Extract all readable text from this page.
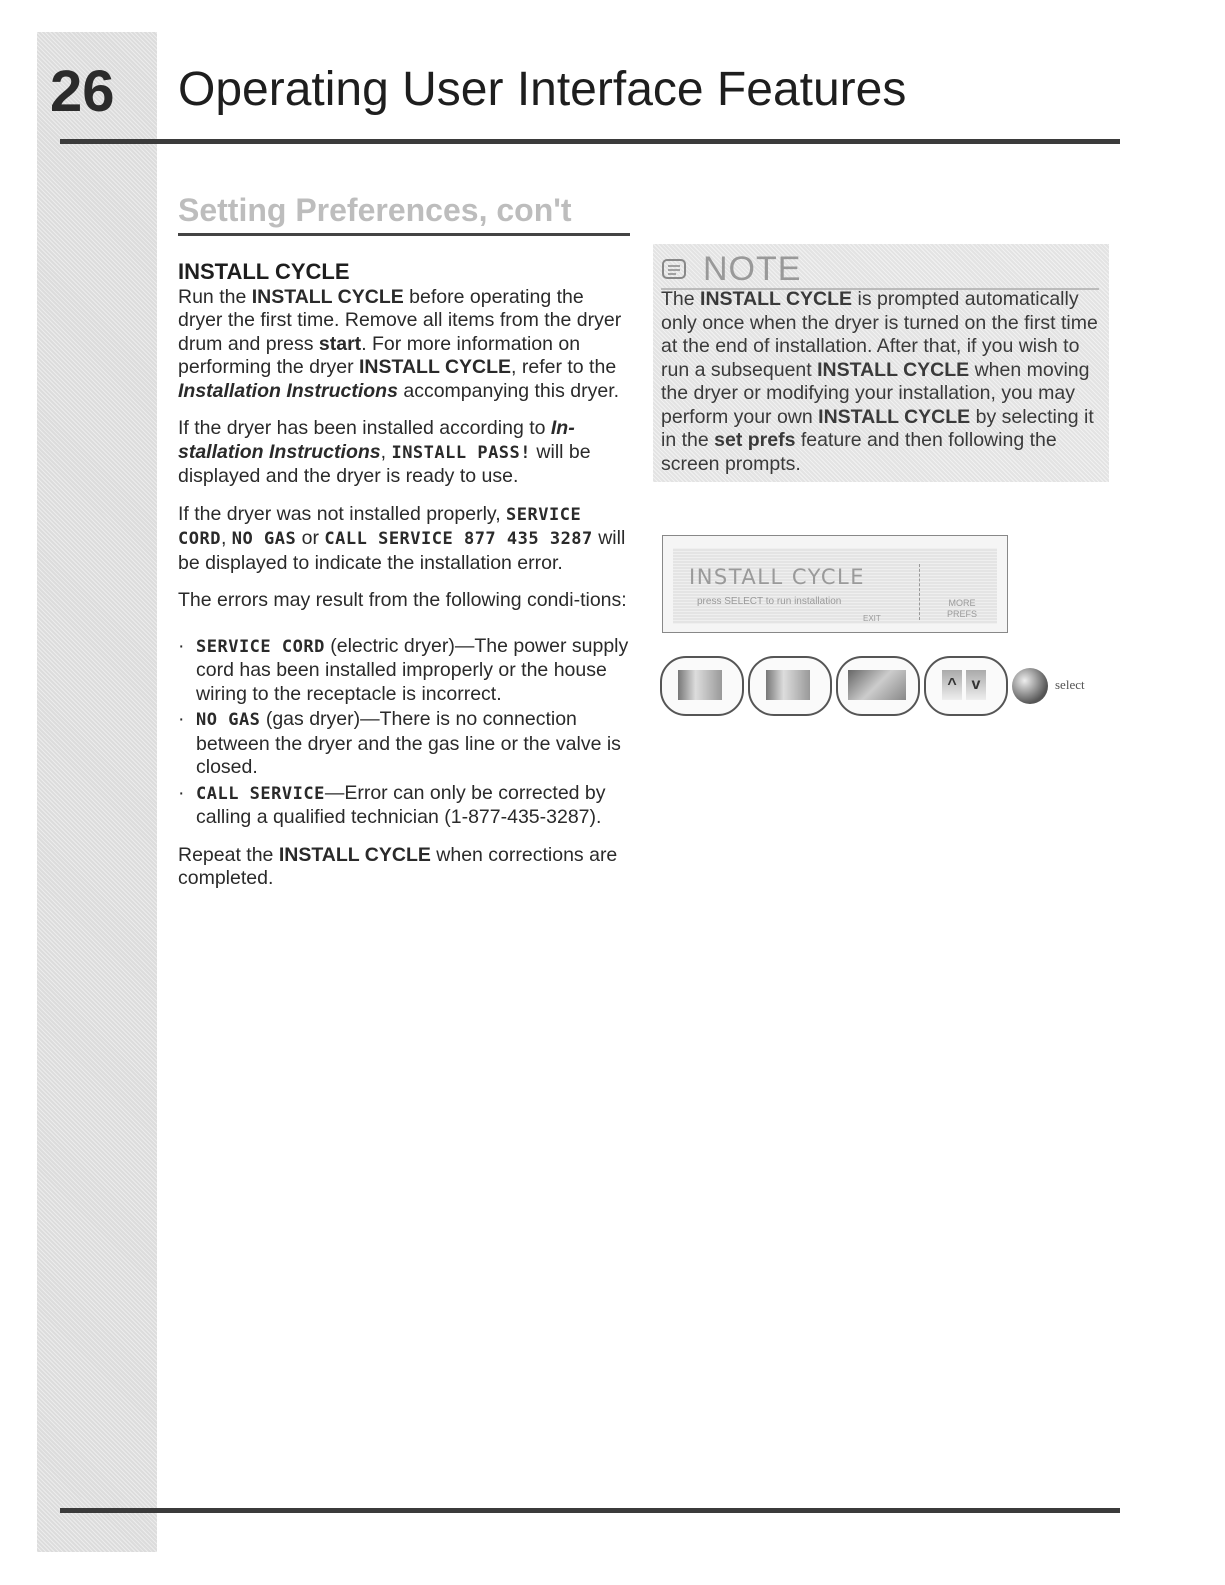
26 Operating User Interface Features
Setting Preferences, con't
INSTALL CYCLE

Run the INSTALL CYCLE before operating the dryer the first time. Remove all items from the dryer drum and press start. For more information on performing the dryer INSTALL CYCLE, refer to the Installation Instructions accompanying this dryer.

If the dryer has been installed according to In-stallation Instructions, INSTALL PASS! will be displayed and the dryer is ready to use.

If the dryer was not installed properly, SERVICE CORD, NO GAS or CALL SERVICE 877 435 3287 will be displayed to indicate the installation error.

The errors may result from the following condi-tions:

· SERVICE CORD (electric dryer)—The power supply cord has been installed improperly or the house wiring to the receptacle is incorrect.
· NO GAS (gas dryer)—There is no connection between the dryer and the gas line or the valve is closed.
· CALL SERVICE—Error can only be corrected by calling a qualified technician (1-877-435-3287).

Repeat the INSTALL CYCLE when corrections are completed.

NOTE
The INSTALL CYCLE is prompted automatically only once when the dryer is turned on the first time at the end of installation. After that, if you wish to run a subsequent INSTALL CYCLE when moving the dryer or modifying your installation, you may perform your own INSTALL CYCLE by selecting it in the set prefs feature and then following the screen prompts.
INSTALL CYCLE
press SELECT to run installation
EXIT
MORE
PREFS
^ v	select
